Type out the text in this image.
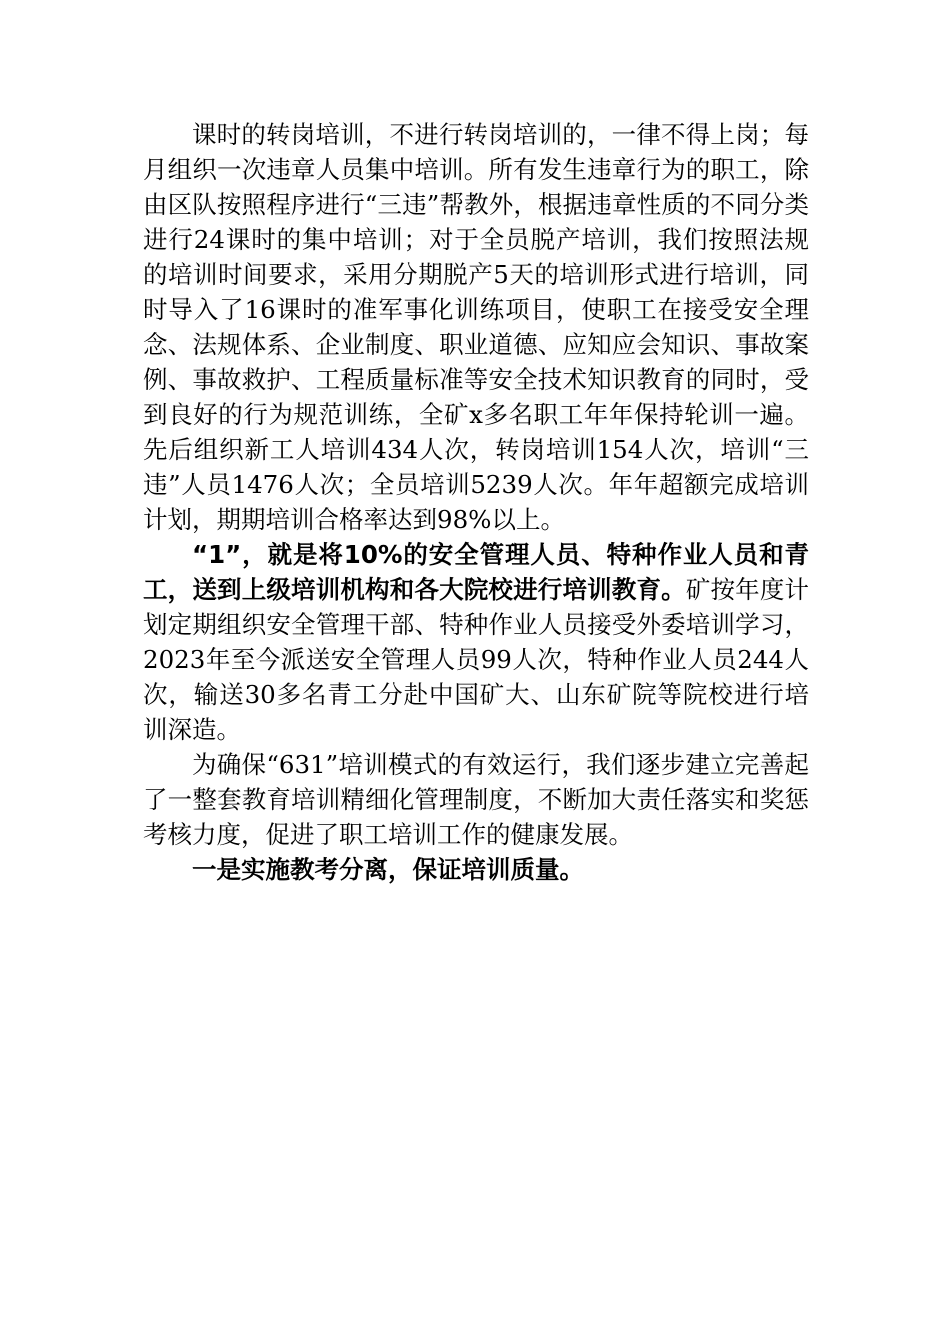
课时的转岗培训，不进行转岗培训的，一律不得上岗；每月组织一次违章人员集中培训。所有发生违章行为的职工，除由区队按照程序进行“三违”帮教外，根据违章性质的不同分类进行24课时的集中培训；对于全员脱产培训，我们按照法规的培训时间要求，采用分期脱产5天的培训形式进行培训，同时导入了16课时的准军事化训练项目，使职工在接受安全理念、法规体系、企业制度、职业道德、应知应会知识、事故案例、事故救护、工程质量标准等安全技术知识教育的同时，受到良好的行为规范训练，全矿x多名职工年年保持轮训一遍。先后组织新工人培训434人次，转岗培训154人次，培训“三违”人员1476人次；全员培训5239人次。年年超额完成培训计划，期期培训合格率达到98%以上。

“1”，就是将10%的安全管理人员、特种作业人员和青工，送到上级培训机构和各大院校进行培训教育。矿按年度计划定期组织安全管理干部、特种作业人员接受外委培训学习，2023年至今派送安全管理人员99人次，特种作业人员244人次，输送30多名青工分赴中国矿大、山东矿院等院校进行培训深造。

为确保“631”培训模式的有效运行，我们逐步建立完善起了一整套教育培训精细化管理制度，不断加大责任落实和奖惩考核力度，促进了职工培训工作的健康发展。

一是实施教考分离，保证培训质量。
